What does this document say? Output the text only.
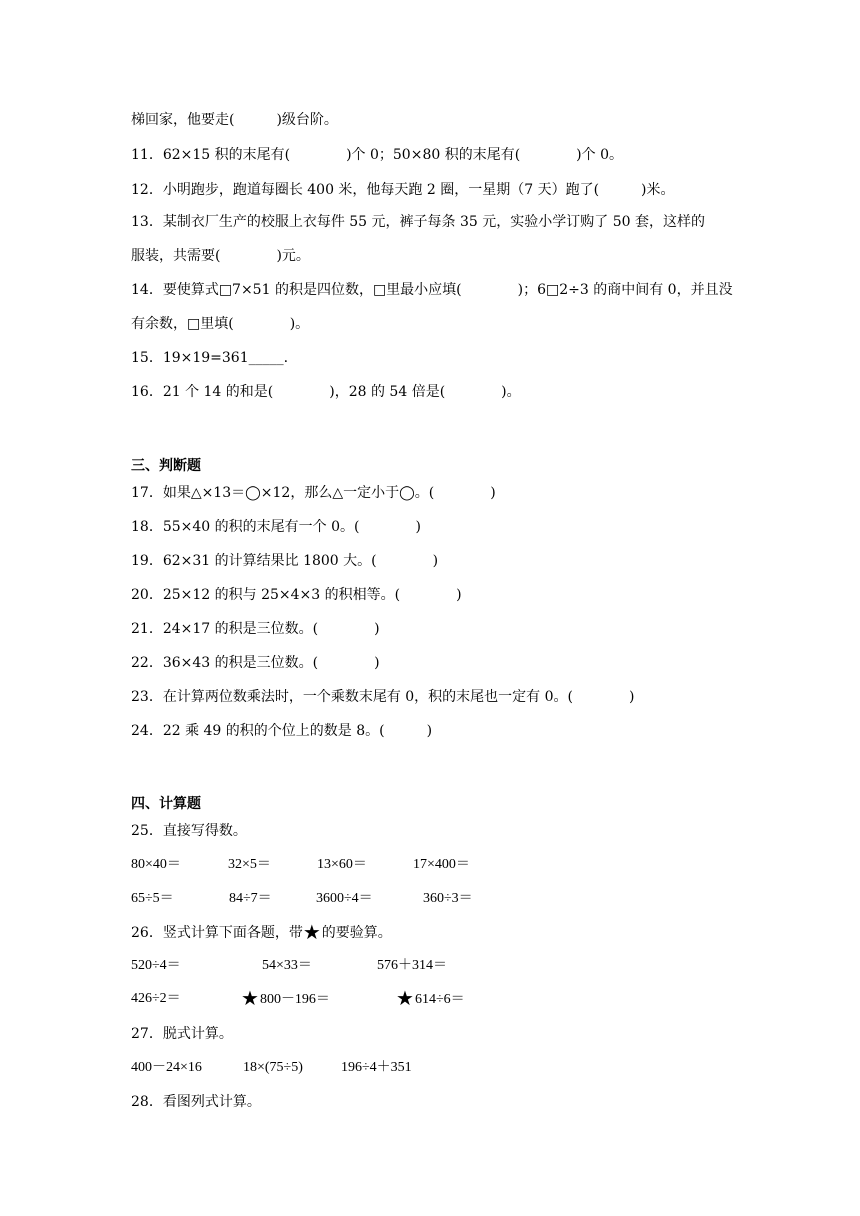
梯回家，他要走(　　　)级台阶。
11．62×15 积的末尾有(　　　　)个 0；50×80 积的末尾有(　　　　)个 0。
12．小明跑步，跑道每圈长 400 米，他每天跑 2 圈，一星期（7 天）跑了(　　　)米。
13．某制衣厂生产的校服上衣每件 55 元，裤子每条 35 元，实验小学订购了 50 套，这样的
服装，共需要(　　　　)元。
14．要使算式□7×51 的积是四位数，□里最小应填(　　　　)；6□2÷3 的商中间有 0，并且没
有余数，□里填(　　　　)。
15．19×19=361_____.
16．21 个 14 的和是(　　　　)，28 的 54 倍是(　　　　)。
三、判断题
17．如果△×13＝◯×12，那么△一定小于◯。(　　　　)
18．55×40 的积的末尾有一个 0。(　　　　)
19．62×31 的计算结果比 1800 大。(　　　　)
20．25×12 的积与 25×4×3 的积相等。(　　　　)
21．24×17 的积是三位数。(　　　　)
22．36×43 的积是三位数。(　　　　)
23．在计算两位数乘法时，一个乘数末尾有 0，积的末尾也一定有 0。(　　　　)
24．22 乘 49 的积的个位上的数是 8。(　　　)
四、计算题
25．直接写得数。
80×40＝	32×5＝	13×60＝	17×400＝
65÷5＝	84÷7＝	3600÷4＝	360÷3＝
26．竖式计算下面各题，带★的要验算。
520÷4＝	54×33＝	576＋314＝
426÷2＝	★800－196＝	★614÷6＝
27．脱式计算。
400－24×16	18×(75÷5)	196÷4＋351
28．看图列式计算。
